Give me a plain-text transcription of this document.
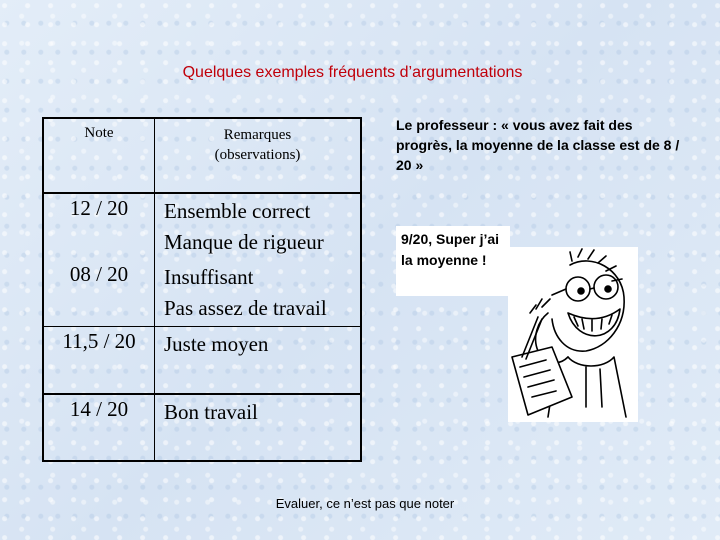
Quelques exemples fréquents d’argumentations
Note	Remarques
(observations)

12 / 20	Ensemble correct
Manque de rigueur

08 / 20	Insuffisant
Pas assez de travail

11,5 / 20	Juste moyen

14 / 20	Bon travail
Le professeur : « vous avez fait des progrès, la moyenne de la classe est de 8 / 20 »
9/20, Super j’ai la moyenne !
Evaluer, ce n’est pas que noter
